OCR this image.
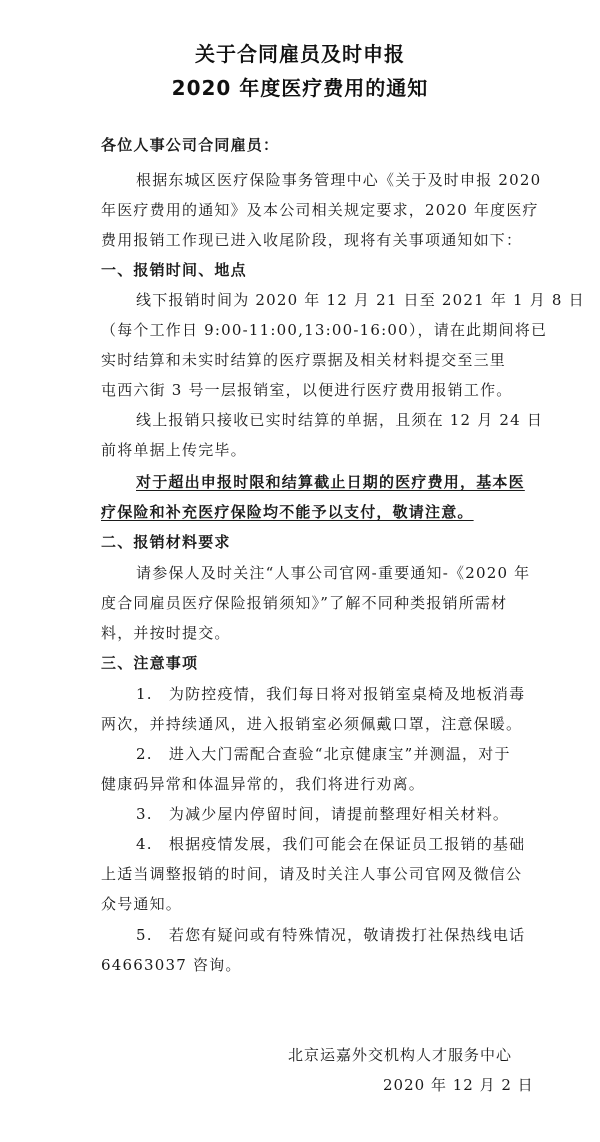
关于合同雇员及时申报
2020 年度医疗费用的通知
各位人事公司合同雇员：
根据东城区医疗保险事务管理中心《关于及时申报 2020
年医疗费用的通知》及本公司相关规定要求，2020 年度医疗
费用报销工作现已进入收尾阶段，现将有关事项通知如下：
一、报销时间、地点
线下报销时间为 2020 年 12 月 21 日至 2021 年 1 月 8 日
（每个工作日 9:00-11:00,13:00-16:00），请在此期间将已
实时结算和未实时结算的医疗票据及相关材料提交至三里
屯西六街 3 号一层报销室，以便进行医疗费用报销工作。
线上报销只接收已实时结算的单据，且须在 12 月 24 日
前将单据上传完毕。
对于超出申报时限和结算截止日期的医疗费用，基本医
疗保险和补充医疗保险均不能予以支付，敬请注意。
二、报销材料要求
请参保人及时关注“人事公司官网-重要通知-《2020 年
度合同雇员医疗保险报销须知》”了解不同种类报销所需材
料，并按时提交。
三、注意事项
1.　为防控疫情，我们每日将对报销室桌椅及地板消毒
两次，并持续通风，进入报销室必须佩戴口罩，注意保暖。
2.　进入大门需配合查验“北京健康宝”并测温，对于
健康码异常和体温异常的，我们将进行劝离。
3.　为减少屋内停留时间，请提前整理好相关材料。
4.　根据疫情发展，我们可能会在保证员工报销的基础
上适当调整报销的时间，请及时关注人事公司官网及微信公
众号通知。
5.　若您有疑问或有特殊情况，敬请拨打社保热线电话
64663037 咨询。
北京运嘉外交机构人才服务中心
2020 年 12 月 2 日
